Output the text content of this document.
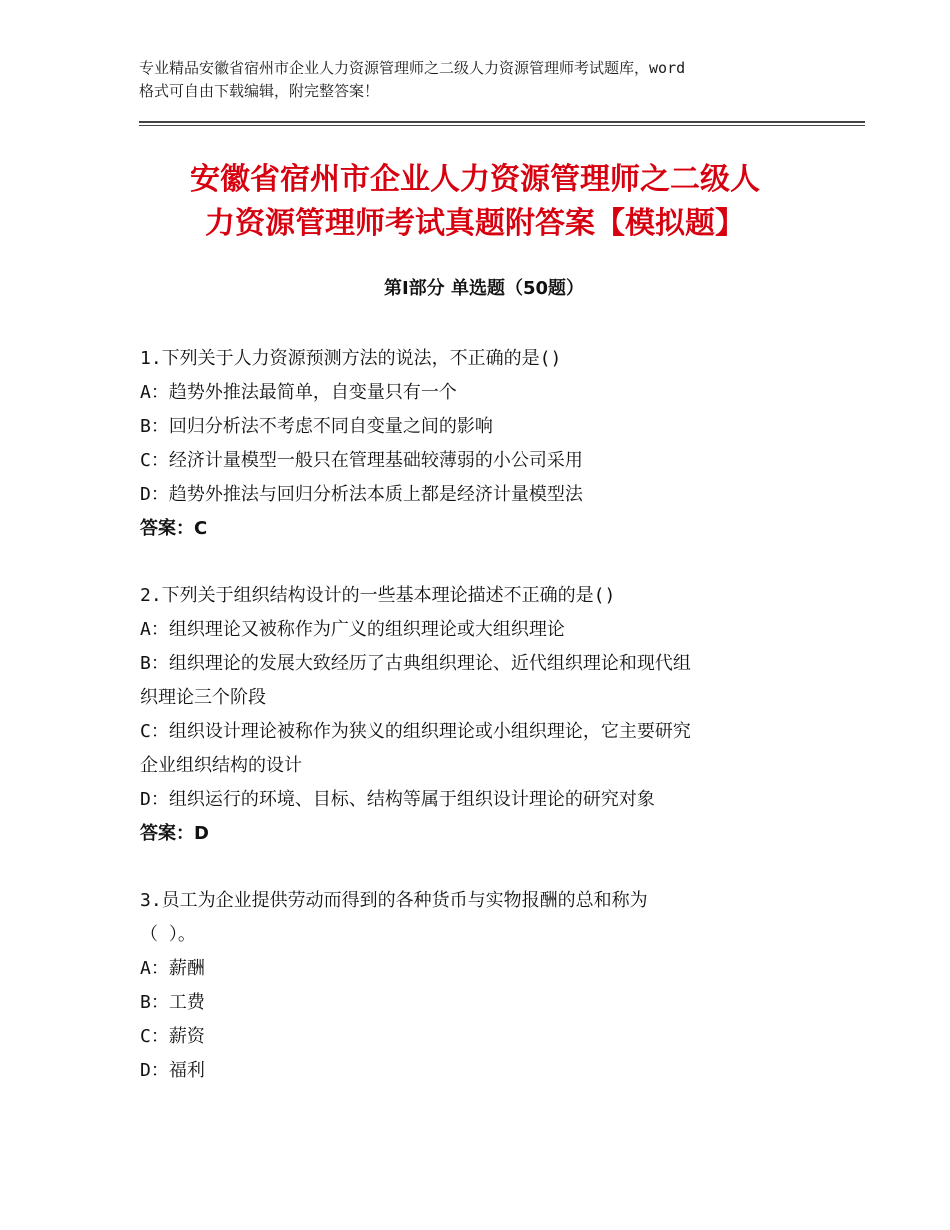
专业精品安徽省宿州市企业人力资源管理师之二级人力资源管理师考试题库，word
格式可自由下载编辑，附完整答案！
安徽省宿州市企业人力资源管理师之二级人
力资源管理师考试真题附答案【模拟题】
第Ⅰ部分 单选题（50题）
1.下列关于人力资源预测方法的说法，不正确的是()
A：趋势外推法最简单，自变量只有一个
B：回归分析法不考虑不同自变量之间的影响
C：经济计量模型一般只在管理基础较薄弱的小公司采用
D：趋势外推法与回归分析法本质上都是经济计量模型法
答案：C
2.下列关于组织结构设计的一些基本理论描述不正确的是()
A：组织理论又被称作为广义的组织理论或大组织理论
B：组织理论的发展大致经历了古典组织理论、近代组织理论和现代组
织理论三个阶段
C：组织设计理论被称作为狭义的组织理论或小组织理论，它主要研究
企业组织结构的设计
D：组织运行的环境、目标、结构等属于组织设计理论的研究对象
答案：D
3.员工为企业提供劳动而得到的各种货币与实物报酬的总和称为
（ ）。
A：薪酬
B：工费
C：薪资
D：福利
